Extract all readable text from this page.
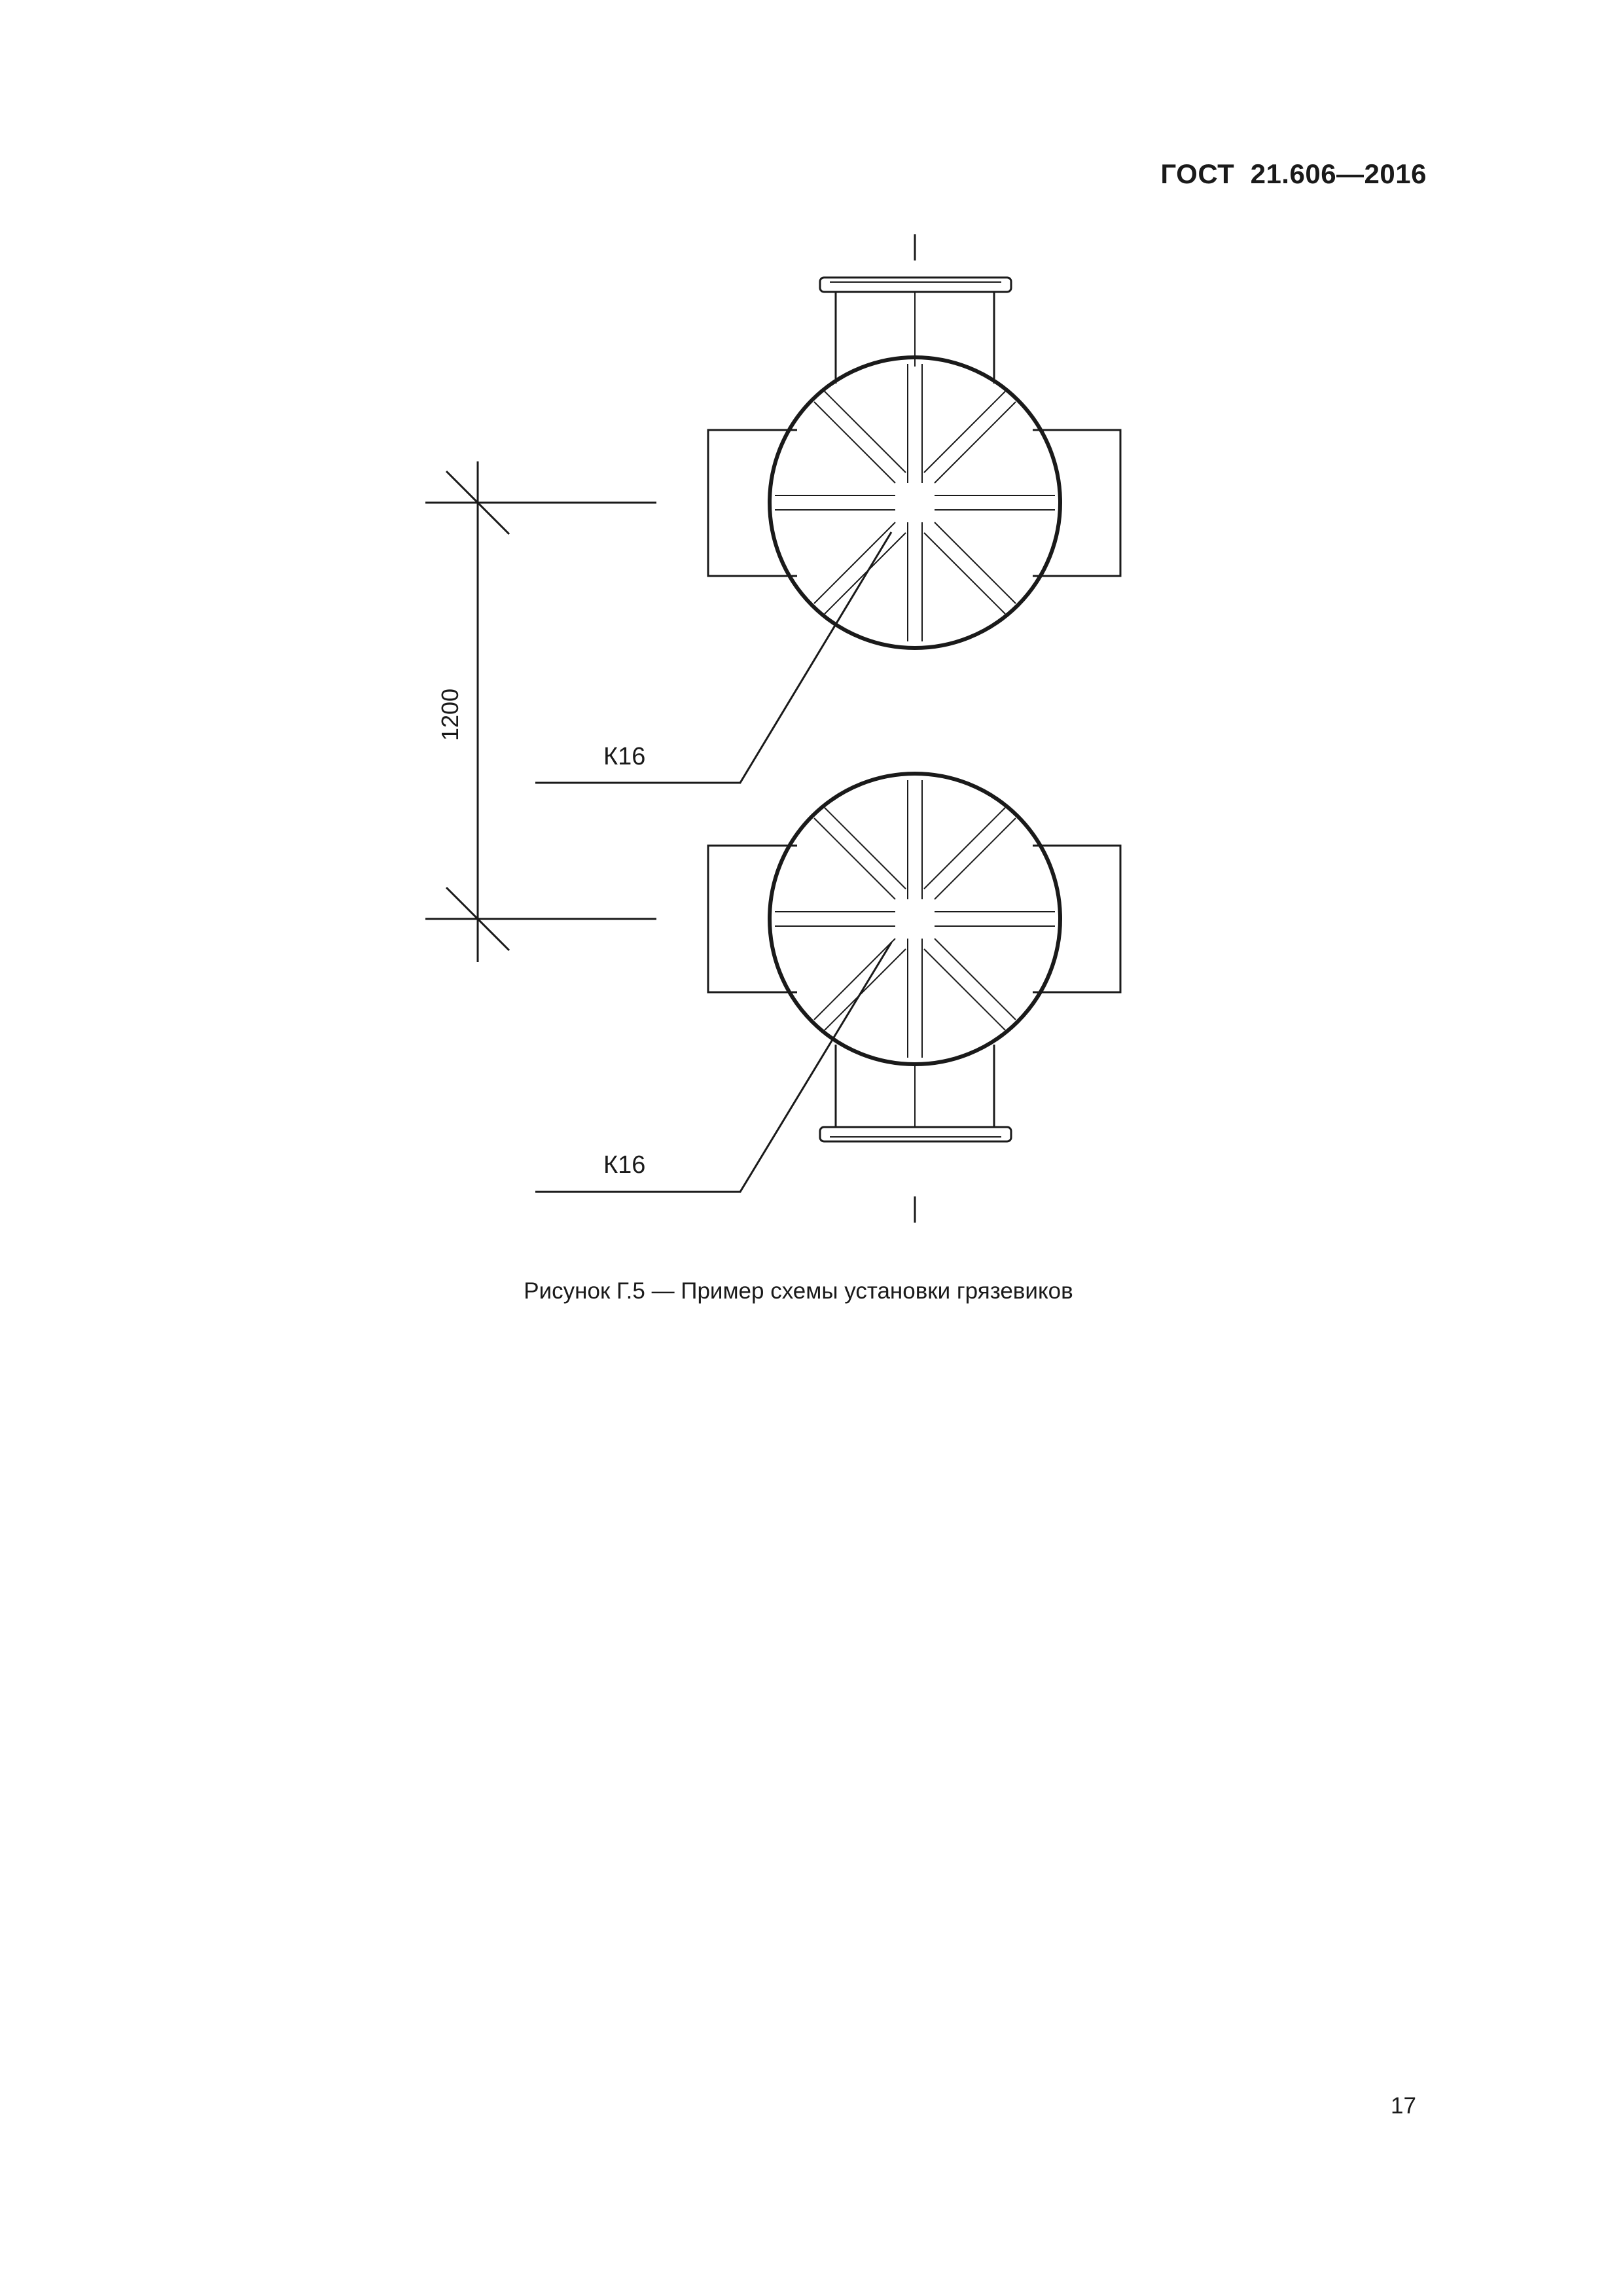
ГОСТ  21.606—2016
1200
К16
К16
Рисунок Г.5 — Пример схемы установки грязевиков
17
